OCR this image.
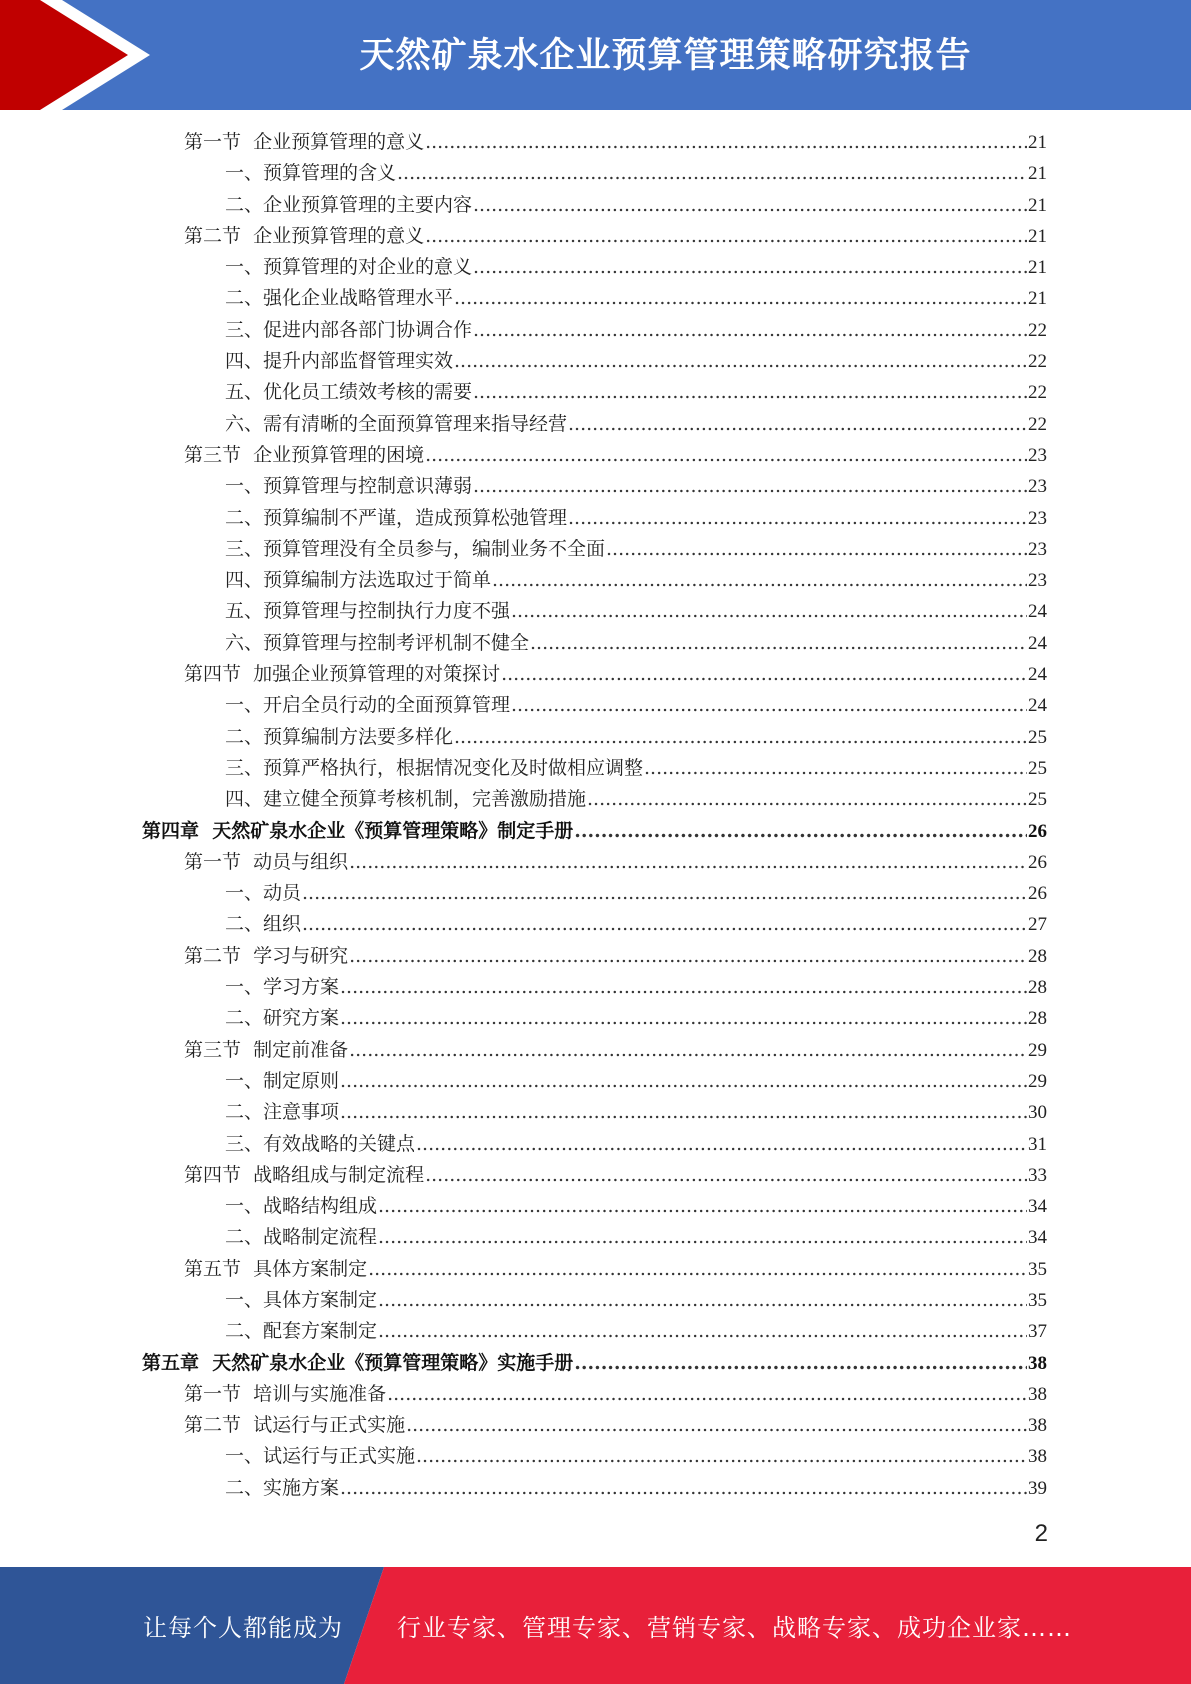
天然矿泉水企业预算管理策略研究报告
第一节  企业预算管理的意义 .....	21
一、预算管理的含义 .....	21
二、企业预算管理的主要内容 .....	21
第二节  企业预算管理的意义 .....	21
一、预算管理的对企业的意义 .....	21
二、强化企业战略管理水平 .....	21
三、促进内部各部门协调合作 .....	22
四、提升内部监督管理实效 .....	22
五、优化员工绩效考核的需要 .....	22
六、需有清晰的全面预算管理来指导经营 .....	22
第三节  企业预算管理的困境 .....	23
一、预算管理与控制意识薄弱 .....	23
二、预算编制不严谨，造成预算松弛管理 .....	23
三、预算管理没有全员参与，编制业务不全面 .....	23
四、预算编制方法选取过于简单 .....	23
五、预算管理与控制执行力度不强 .....	24
六、预算管理与控制考评机制不健全 .....	24
第四节  加强企业预算管理的对策探讨 .....	24
一、开启全员行动的全面预算管理 .....	24
二、预算编制方法要多样化 .....	25
三、预算严格执行，根据情况变化及时做相应调整 .....	25
四、建立健全预算考核机制，完善激励措施 .....	25
第四章  天然矿泉水企业《预算管理策略》制定手册 .....	26
第一节  动员与组织 .....	26
一、动员 .....	26
二、组织 .....	27
第二节  学习与研究 .....	28
一、学习方案 .....	28
二、研究方案 .....	28
第三节  制定前准备 .....	29
一、制定原则 .....	29
二、注意事项 .....	30
三、有效战略的关键点 .....	31
第四节  战略组成与制定流程 .....	33
一、战略结构组成 .....	34
二、战略制定流程 .....	34
第五节  具体方案制定 .....	35
一、具体方案制定 .....	35
二、配套方案制定 .....	37
第五章  天然矿泉水企业《预算管理策略》实施手册 .....	38
第一节  培训与实施准备 .....	38
第二节  试运行与正式实施 .....	38
一、试运行与正式实施 .....	38
二、实施方案 .....	39
2
让每个人都能成为 行业专家、管理专家、营销专家、战略专家、成功企业家……
